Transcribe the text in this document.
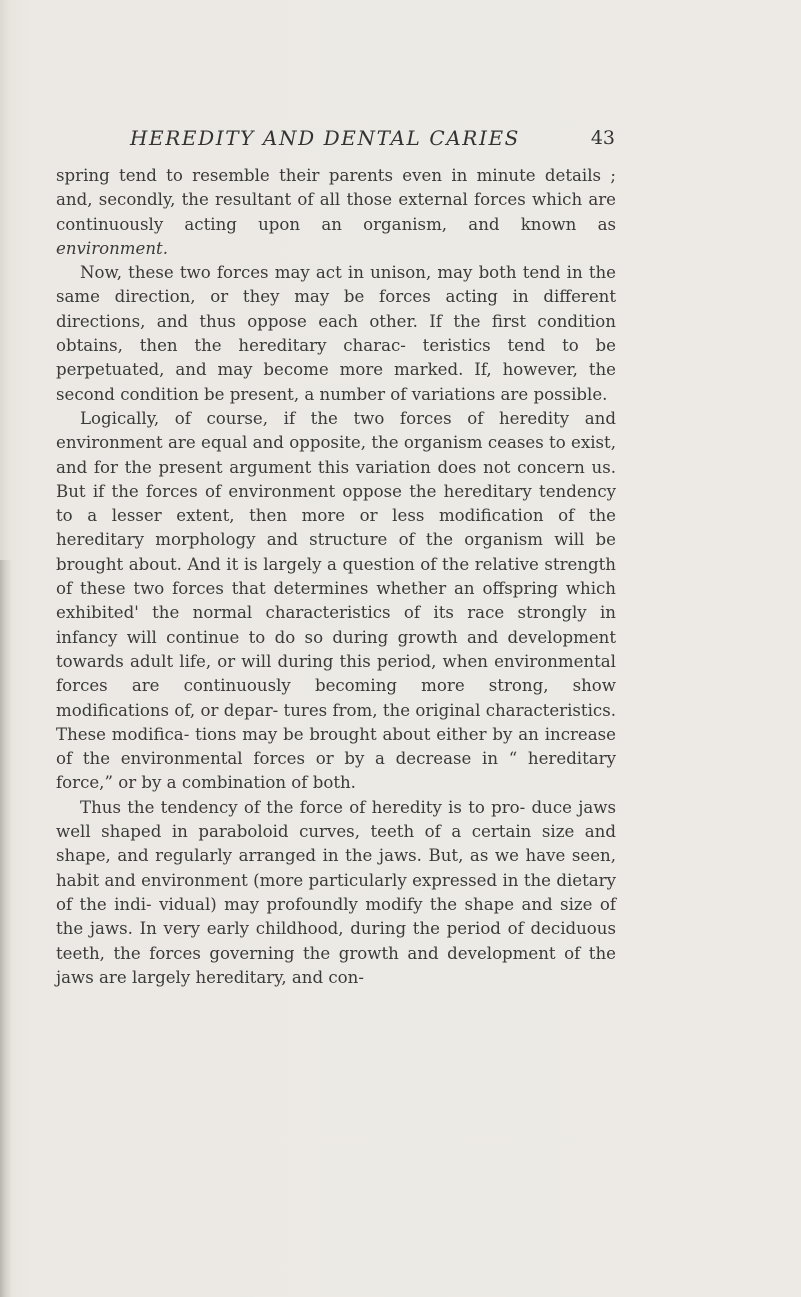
HEREDITY AND DENTAL CARIES	43

spring tend to resemble their parents even in minute details ; and, secondly, the resultant of all those external forces which are continuously acting upon an organism, and known as environment.

Now, these two forces may act in unison, may both tend in the same direction, or they may be forces acting in different directions, and thus oppose each other. If the first condition obtains, then the hereditary charac- teristics tend to be perpetuated, and may become more marked. If, however, the second condition be present, a number of variations are possible.

Logically, of course, if the two forces of heredity and environment are equal and opposite, the organism ceases to exist, and for the present argument this variation does not concern us. But if the forces of environment oppose the hereditary tendency to a lesser extent, then more or less modification of the hereditary morphology and structure of the organism will be brought about. And it is largely a question of the relative strength of these two forces that determines whether an offspring which exhibited' the normal characteristics of its race strongly in infancy will continue to do so during growth and development towards adult life, or will during this period, when environmental forces are continuously becoming more strong, show modifications of, or depar- tures from, the original characteristics. These modifica- tions may be brought about either by an increase of the environmental forces or by a decrease in “ hereditary force,” or by a combination of both.

Thus the tendency of the force of heredity is to pro- duce jaws well shaped in paraboloid curves, teeth of a certain size and shape, and regularly arranged in the jaws. But, as we have seen, habit and environment (more particularly expressed in the dietary of the indi- vidual) may profoundly modify the shape and size of the jaws. In very early childhood, during the period of deciduous teeth, the forces governing the growth and development of the jaws are largely hereditary, and con-
